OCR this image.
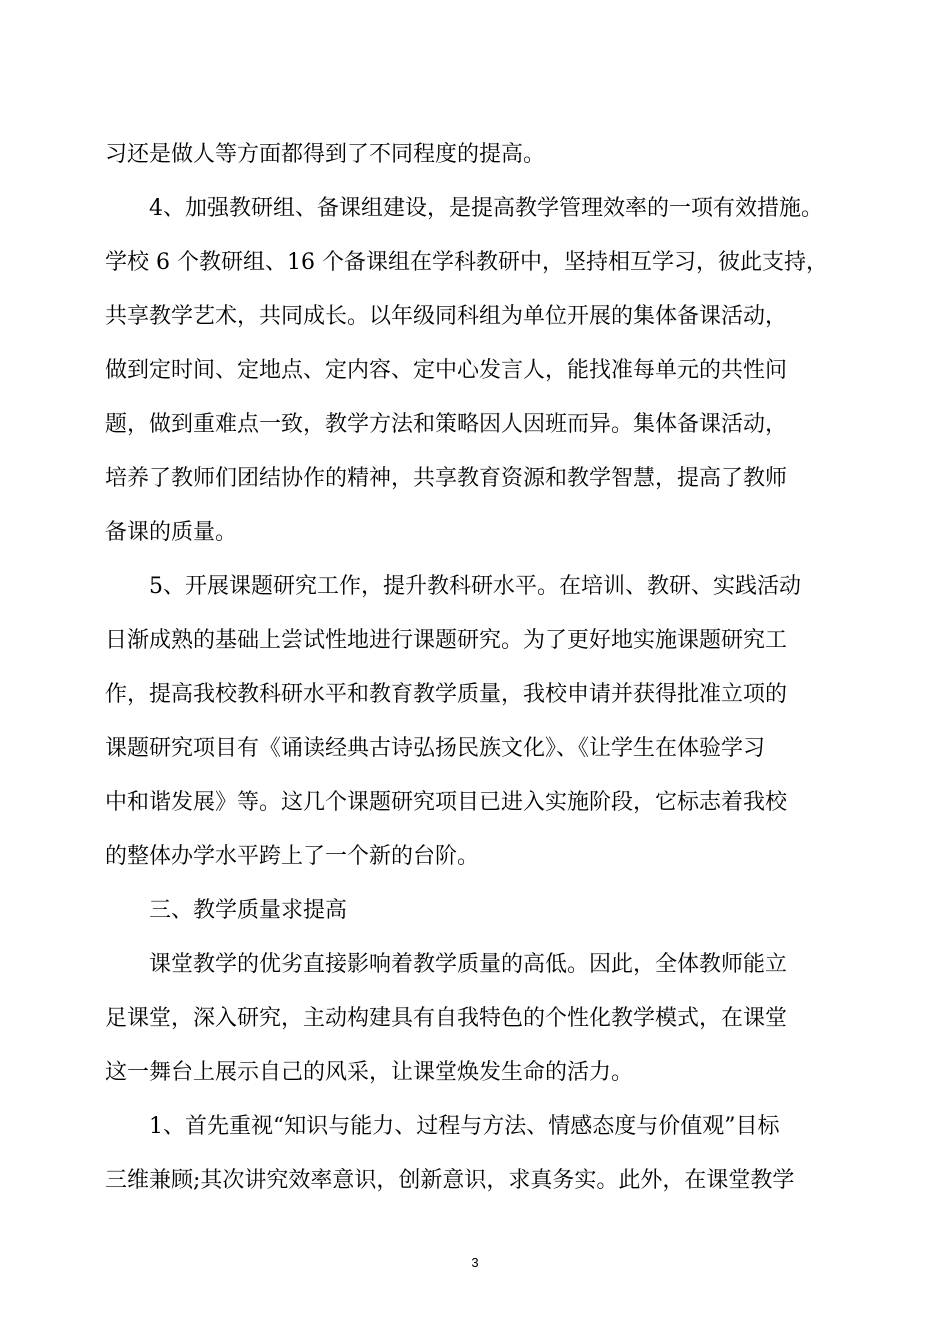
习还是做人等方面都得到了不同程度的提高。
4、加强教研组、备课组建设，是提高教学管理效率的一项有效措施。
学校 6 个教研组、16 个备课组在学科教研中，坚持相互学习，彼此支持，
共享教学艺术，共同成长。以年级同科组为单位开展的集体备课活动，
做到定时间、定地点、定内容、定中心发言人，能找准每单元的共性问
题，做到重难点一致，教学方法和策略因人因班而异。集体备课活动，
培养了教师们团结协作的精神，共享教育资源和教学智慧，提高了教师
备课的质量。
5、开展课题研究工作，提升教科研水平。在培训、教研、实践活动
日渐成熟的基础上尝试性地进行课题研究。为了更好地实施课题研究工
作，提高我校教科研水平和教育教学质量，我校申请并获得批准立项的
课题研究项目有《诵读经典古诗弘扬民族文化》、《让学生在体验学习
中和谐发展》等。这几个课题研究项目已进入实施阶段，它标志着我校
的整体办学水平跨上了一个新的台阶。
三、教学质量求提高
课堂教学的优劣直接影响着教学质量的高低。因此，全体教师能立
足课堂，深入研究，主动构建具有自我特色的个性化教学模式，在课堂
这一舞台上展示自己的风采，让课堂焕发生命的活力。
1、首先重视“知识与能力、过程与方法、情感态度与价值观”目标
三维兼顾;其次讲究效率意识，创新意识，求真务实。此外，在课堂教学
3
